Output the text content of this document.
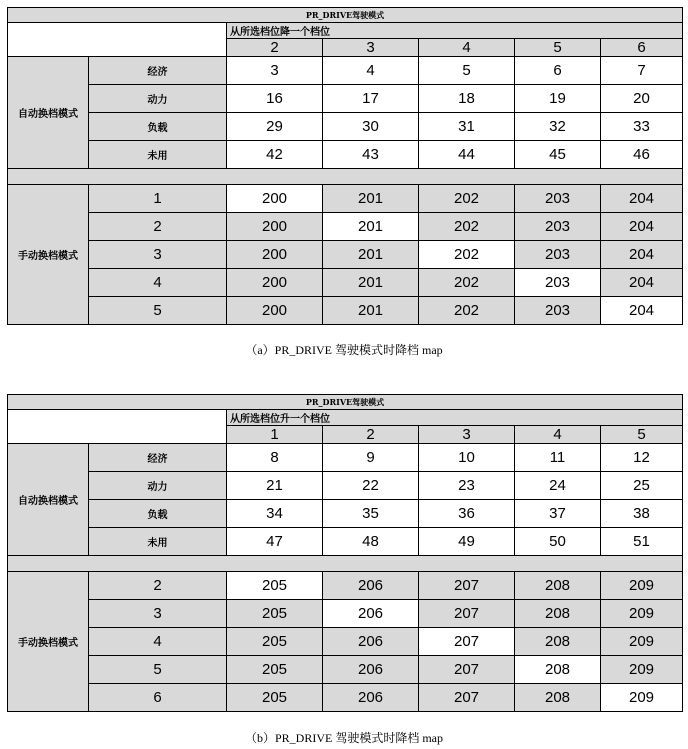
PR_DRIVE驾驶模式						
		从所选档位降一个档位				
		2	3	4	5	6
自动换档模式	经济	3	4	5	6	7
	动力	16	17	18	19	20
	负载	29	30	31	32	33
	未用	42	43	44	45	46

手动换档模式	1	200	201	202	203	204
	2	200	201	202	203	204
	3	200	201	202	203	204
	4	200	201	202	203	204
	5	200	201	202	203	204
（a）PR_DRIVE 驾驶模式时降档 map
PR_DRIVE驾驶模式						
		从所选档位升一个档位				
		1	2	3	4	5
自动换档模式	经济	8	9	10	11	12
	动力	21	22	23	24	25
	负载	34	35	36	37	38
	未用	47	48	49	50	51

手动换档模式	2	205	206	207	208	209
	3	205	206	207	208	209
	4	205	206	207	208	209
	5	205	206	207	208	209
	6	205	206	207	208	209
（b）PR_DRIVE 驾驶模式时降档 map
